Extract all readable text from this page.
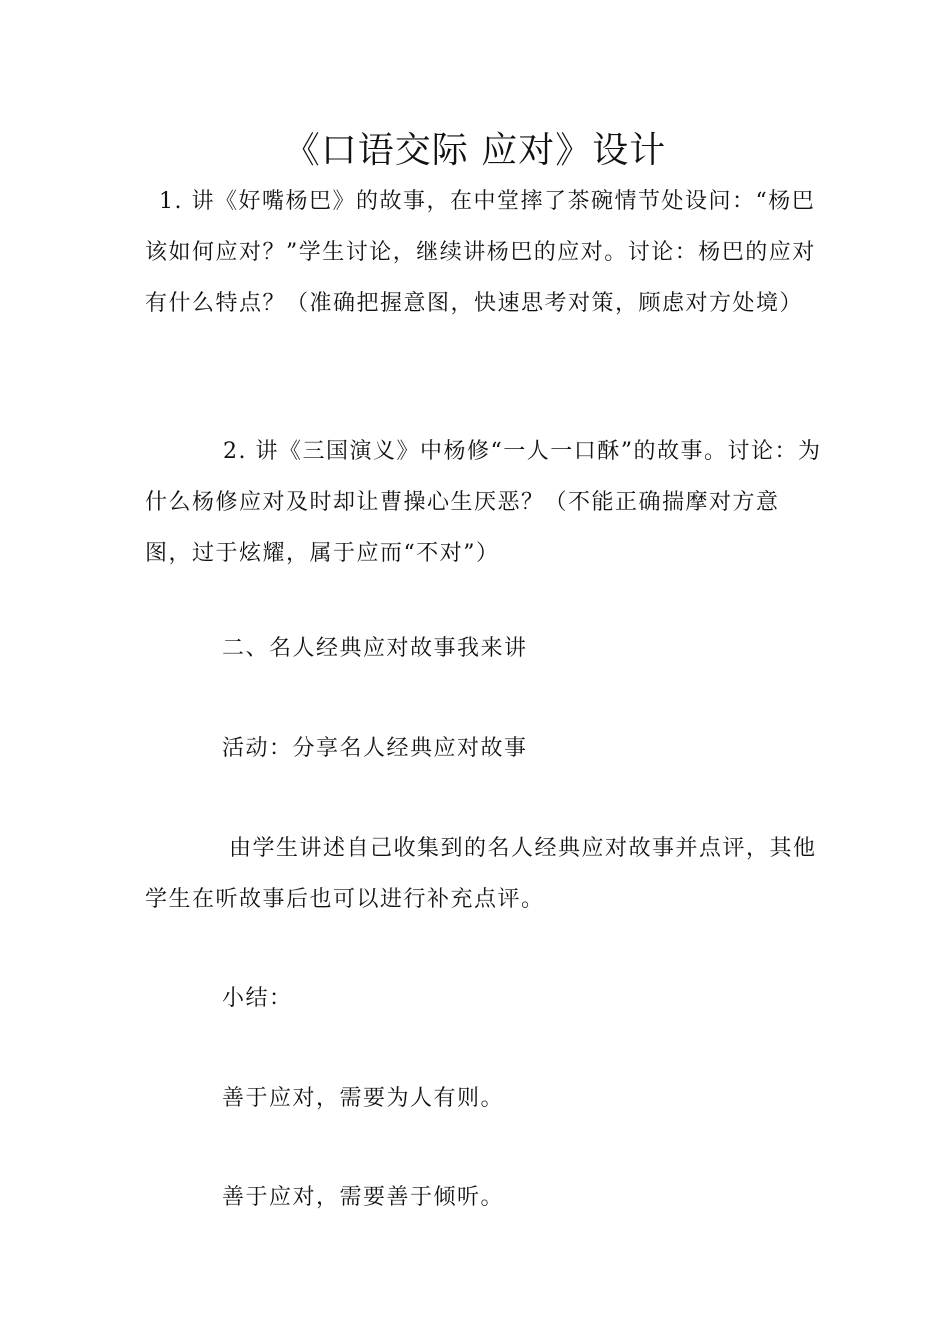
《口语交际 应对》设计

1. 讲《好嘴杨巴》的故事，在中堂摔了茶碗情节处设问：“杨巴该如何应对？”学生讨论，继续讲杨巴的应对。讨论：杨巴的应对有什么特点？（准确把握意图，快速思考对策，顾虑对方处境）

2. 讲《三国演义》中杨修“一人一口酥”的故事。讨论：为什么杨修应对及时却让曹操心生厌恶？（不能正确揣摩对方意图，过于炫耀，属于应而“不对”）

二、名人经典应对故事我来讲

活动：分享名人经典应对故事

由学生讲述自己收集到的名人经典应对故事并点评，其他学生在听故事后也可以进行补充点评。

小结：

善于应对，需要为人有则。

善于应对，需要善于倾听。
